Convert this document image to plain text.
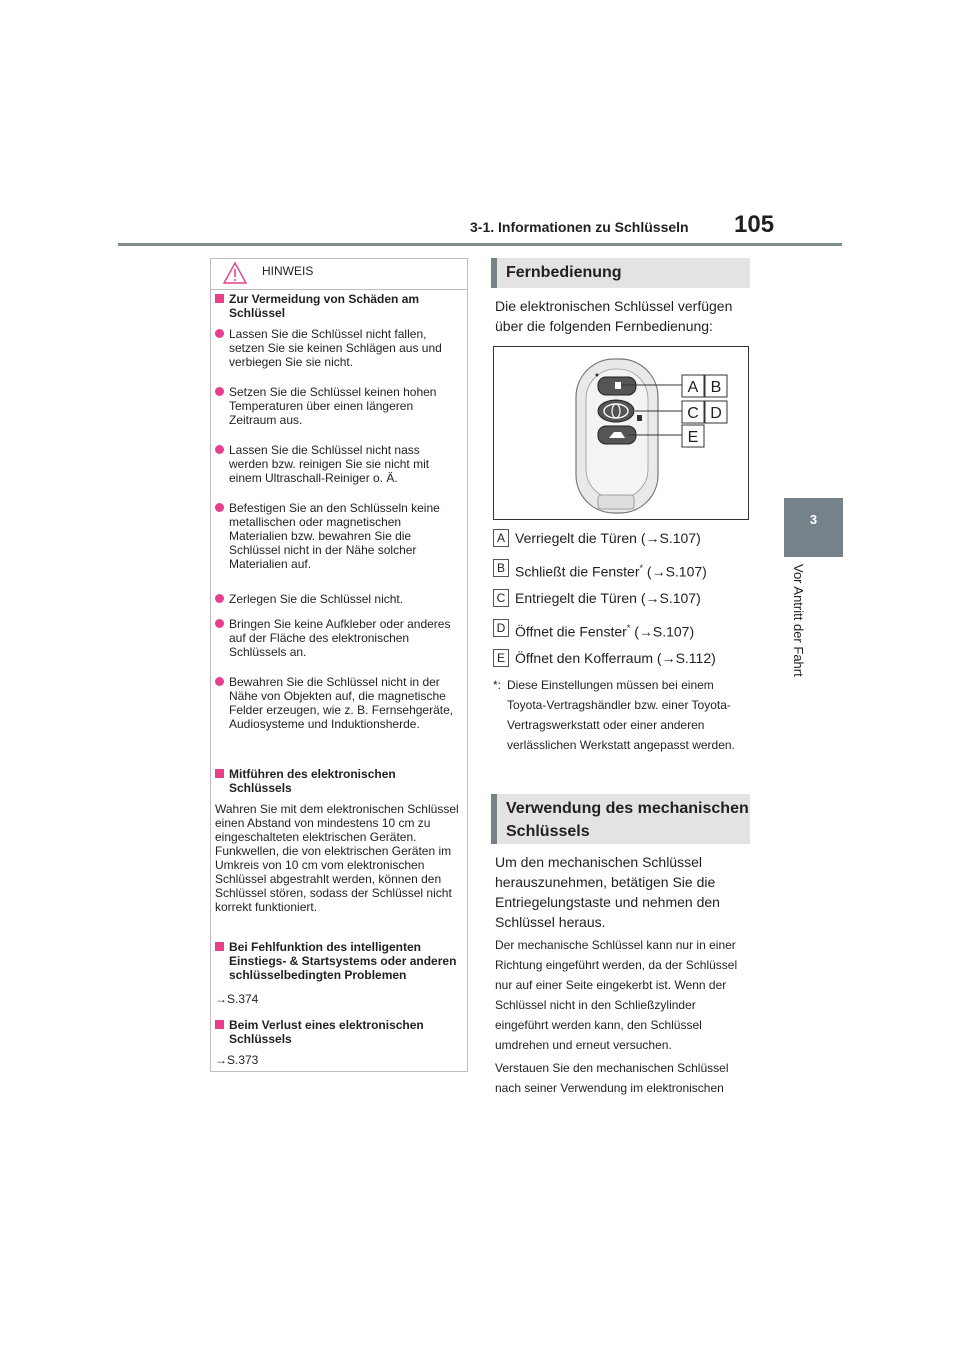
3-1. Informationen zu Schlüsseln 105
3
Vor Antritt der Fahrt
HINWEIS
Zur Vermeidung von Schäden am Schlüssel
Lassen Sie die Schlüssel nicht fallen, setzen Sie sie keinen Schlägen aus und verbiegen Sie sie nicht.
Setzen Sie die Schlüssel keinen hohen Temperaturen über einen längeren Zeitraum aus.
Lassen Sie die Schlüssel nicht nass werden bzw. reinigen Sie sie nicht mit einem Ultraschall-Reiniger o. Ä.
Befestigen Sie an den Schlüsseln keine metallischen oder magnetischen Materialien bzw. bewahren Sie die Schlüssel nicht in der Nähe solcher Materialien auf.
Zerlegen Sie die Schlüssel nicht.
Bringen Sie keine Aufkleber oder anderes auf der Fläche des elektronischen Schlüssels an.
Bewahren Sie die Schlüssel nicht in der Nähe von Objekten auf, die magnetische Felder erzeugen, wie z. B. Fernsehgeräte, Audiosysteme und Induktionsherde.
Mitführen des elektronischen Schlüssels
Wahren Sie mit dem elektronischen Schlüssel einen Abstand von mindestens 10 cm zu eingeschalteten elektrischen Geräten. Funkwellen, die von elektrischen Geräten im Umkreis von 10 cm vom elektronischen Schlüssel abgestrahlt werden, können den Schlüssel stören, sodass der Schlüssel nicht korrekt funktioniert.
Bei Fehlfunktion des intelligenten Einstiegs- & Startsystems oder anderen schlüsselbedingten Problemen
→S.374
Beim Verlust eines elektronischen Schlüssels
→S.373
Fernbedienung
Die elektronischen Schlüssel verfügen über die folgenden Fernbedienung:
A B
C D
E
A Verriegelt die Türen (→S.107)
B Schließt die Fenster* (→S.107)
C Entriegelt die Türen (→S.107)
D Öffnet die Fenster* (→S.107)
E Öffnet den Kofferraum (→S.112)
*: Diese Einstellungen müssen bei einem Toyota-Vertragshändler bzw. einer Toyota-Vertragswerkstatt oder einer anderen verlässlichen Werkstatt angepasst werden.
Verwendung des mechanischen Schlüssels
Um den mechanischen Schlüssel herauszunehmen, betätigen Sie die Entriegelungstaste und nehmen den Schlüssel heraus.
Der mechanische Schlüssel kann nur in einer Richtung eingeführt werden, da der Schlüssel nur auf einer Seite eingekerbt ist. Wenn der Schlüssel nicht in den Schließzylinder eingeführt werden kann, den Schlüssel umdrehen und erneut versuchen.
Verstauen Sie den mechanischen Schlüssel nach seiner Verwendung im elektronischen
